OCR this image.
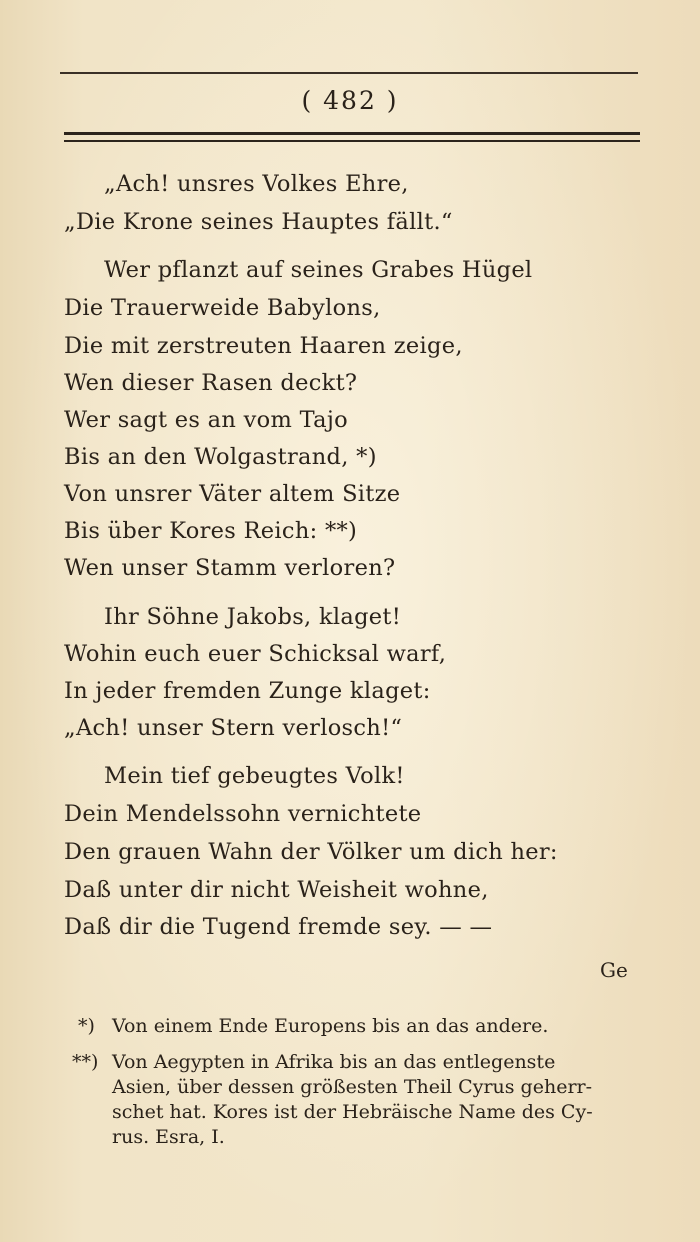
( 482 )
„Ach! unsres Volkes Ehre,
„Die Krone seines Hauptes fällt.“
Wer pflanzt auf seines Grabes Hügel
Die Trauerweide Babylons,
Die mit zerstreuten Haaren zeige,
Wen dieser Rasen deckt?
Wer sagt es an vom Tajo
Bis an den Wolgastrand, *)
Von unsrer Väter altem Sitze
Bis über Kores Reich: **)
Wen unser Stamm verloren?
Ihr Söhne Jakobs, klaget!
Wohin euch euer Schicksal warf,
In jeder fremden Zunge klaget:
„Ach! unser Stern verlosch!“
Mein tief gebeugtes Volk!
Dein Mendelssohn vernichtete
Den grauen Wahn der Völker um dich her:
Daß unter dir nicht Weisheit wohne,
Daß dir die Tugend fremde sey. — —
Ge
*) Von einem Ende Europens bis an das andere.
**) Von Aegypten in Afrika bis an das entlegenste
Asien, über dessen größesten Theil Cyrus geherr-
schet hat. Kores ist der Hebräische Name des Cy-
rus. Esra, I.
